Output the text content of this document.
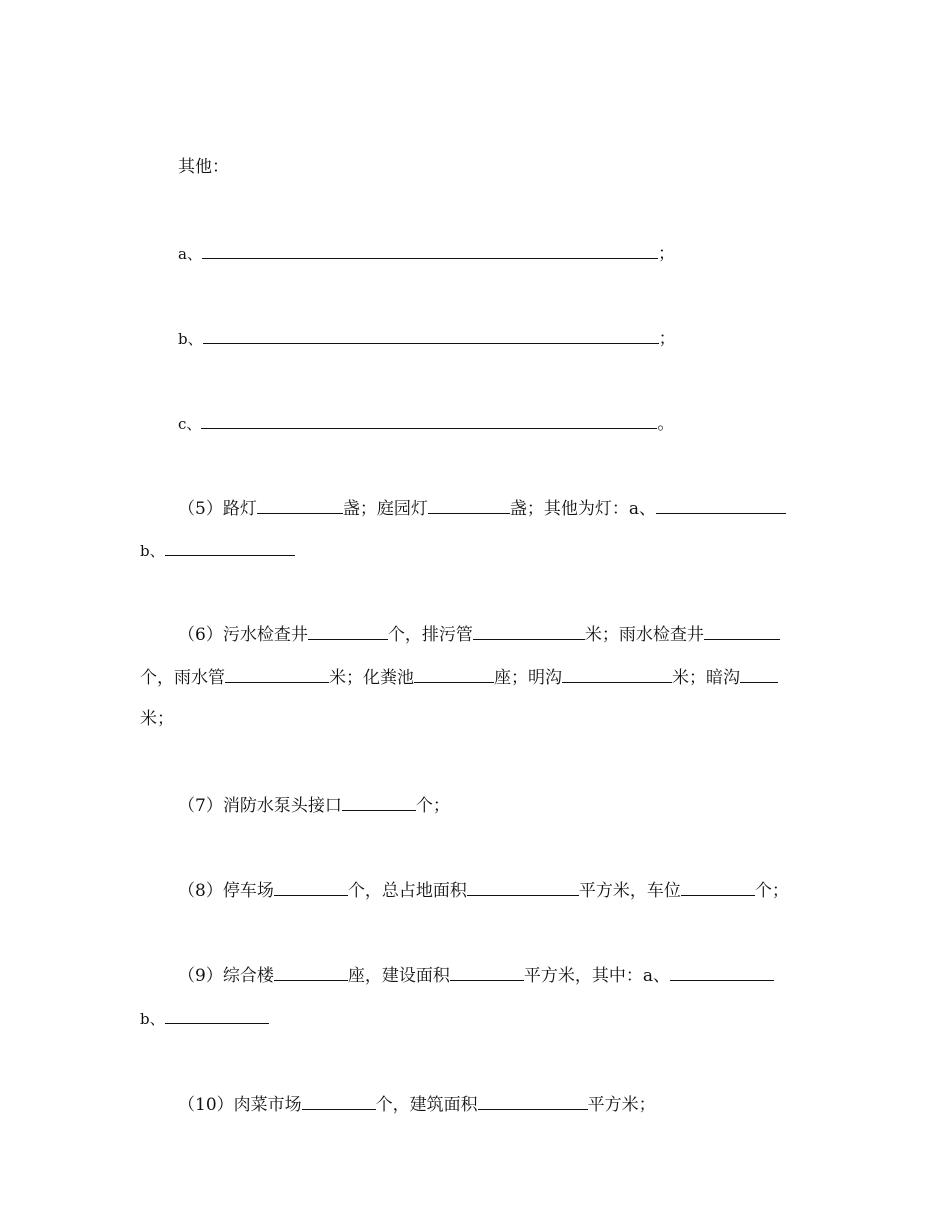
其他：
a、	；
b、	；
c、	。
（5）路灯	盏；庭园灯	盏；其他为灯：a、
b、
（6）污水检查井	个，排污管	米；雨水检查井
个，雨水管	米；化粪池	座；明沟	米；暗沟
米；
（7）消防水泵头接口	个；
（8）停车场	个，总占地面积	平方米，车位	个；
（9）综合楼	座，建设面积	平方米，其中：a、
b、
（10）肉菜市场	个，建筑面积	平方米；
